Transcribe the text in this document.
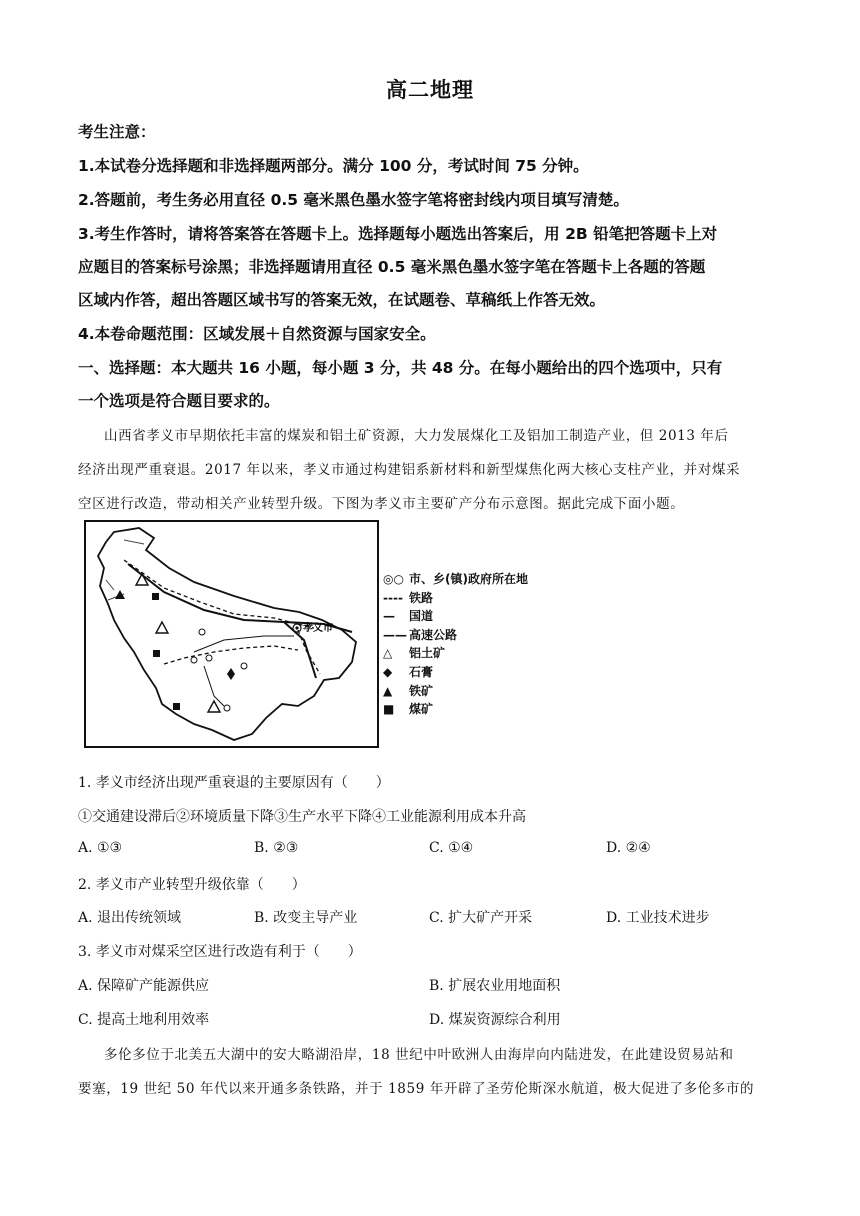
高二地理
考生注意：
1.本试卷分选择题和非选择题两部分。满分 100 分，考试时间 75 分钟。
2.答题前，考生务必用直径 0.5 毫米黑色墨水签字笔将密封线内项目填写清楚。
3.考生作答时，请将答案答在答题卡上。选择题每小题选出答案后，用 2B 铅笔把答题卡上对
应题目的答案标号涂黑；非选择题请用直径 0.5 毫米黑色墨水签字笔在答题卡上各题的答题
区域内作答，超出答题区域书写的答案无效，在试题卷、草稿纸上作答无效。
4.本卷命题范围：区域发展＋自然资源与国家安全。
一、选择题：本大题共 16 小题，每小题 3 分，共 48 分。在每小题给出的四个选项中，只有
一个选项是符合题目要求的。
山西省孝义市早期依托丰富的煤炭和铝土矿资源，大力发展煤化工及铝加工制造产业，但 2013 年后
经济出现严重衰退。2017 年以来，孝义市通过构建铝系新材料和新型煤焦化两大核心支柱产业，并对煤采
空区进行改造，带动相关产业转型升级。下图为孝义市主要矿产分布示意图。据此完成下面小题。
孝义市
◎○ 市、乡(镇)政府所在地
---- 铁路
—	国道
—— 高速公路
△	铝土矿
◆	石膏
▲	铁矿
■	煤矿
1. 孝义市经济出现严重衰退的主要原因有（　　）
①交通建设滞后②环境质量下降③生产水平下降④工业能源利用成本升高
A. ①③	B. ②③	C. ①④	D. ②④
2. 孝义市产业转型升级依靠（　　）
A. 退出传统领域	B. 改变主导产业	C. 扩大矿产开采	D. 工业技术进步
3. 孝义市对煤采空区进行改造有利于（　　）
A. 保障矿产能源供应	B. 扩展农业用地面积
C. 提高土地利用效率	D. 煤炭资源综合利用
多伦多位于北美五大湖中的安大略湖沿岸，18 世纪中叶欧洲人由海岸向内陆进发，在此建设贸易站和
要塞，19 世纪 50 年代以来开通多条铁路，并于 1859 年开辟了圣劳伦斯深水航道，极大促进了多伦多市的
